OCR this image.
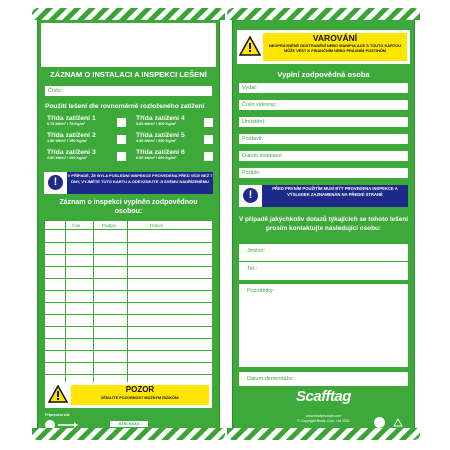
ZÁZNAM O INSTALACI A INSPEKCI LEŠENÍ
Číslo:
Použití lešení dle rovnoměrně rozloženého zatížení
Třída zatížení 1
0.75 kN/m² / 75 Kg/m²
Třída zatížení 2
1.50 kN/m² / 150 Kg/m²
Třída zatížení 3
2.00 kN/m² / 200 Kg/m²
Třída zatížení 4
3.00 kN/m² / 300 Kg/m²
Třída zatížení 5
4.50 kN/m² / 450 Kg/m²
Třída zatížení 6
6.00 kN/m² / 600 Kg/m²
!
V PŘÍPADĚ, ŽE BYLA POSLEDNÍ INSPEKCE PROVEDENA PŘED VÍCE NEŽ 7 DNY, VYJMĚTE TUTO KARTU A ODEVZDEJTE JI SVÉMU NADŘÍZENÉMU
Záznam o inspekci vyplněn zodpovědnou osobou:
Čas	Podpis	Datum
POZOR
VĚNUJTE POZORNOST MOŽNÝM RIZIKŮM:
Připevnění zde
STSI XXXX
VAROVÁNÍ
NEOPRÁVNĚNÉ ODSTRANĚNÍ NEBO MANIPULACE S TOUTO KARTOU MŮŽE VÉST K FINANČNÍM NEBO PRÁVNÍM POSTIHŮM
Vyplní zodpovědná osoba
Vydal:
Číslo výkresu:
Umístění:
Postavil:
Datum instalace:
Podpis:
!
PŘED PRVNÍM POUŽITÍM MUSÍ BÝT PROVEDENA INSPEKCE A VÝSLEDEK ZAZNAMENÁN NA PŘEDNÍ STRANĚ
V případě jakýchkoliv dotazů týkajících se tohoto lešení prosím kontaktujte následující osobu:
Jméno:
Tel.:
Poznámky:
Datum demontáže:
Scafftag
www.bradyeurope.com
© Copyright Brady Corp. Ltd 2021
